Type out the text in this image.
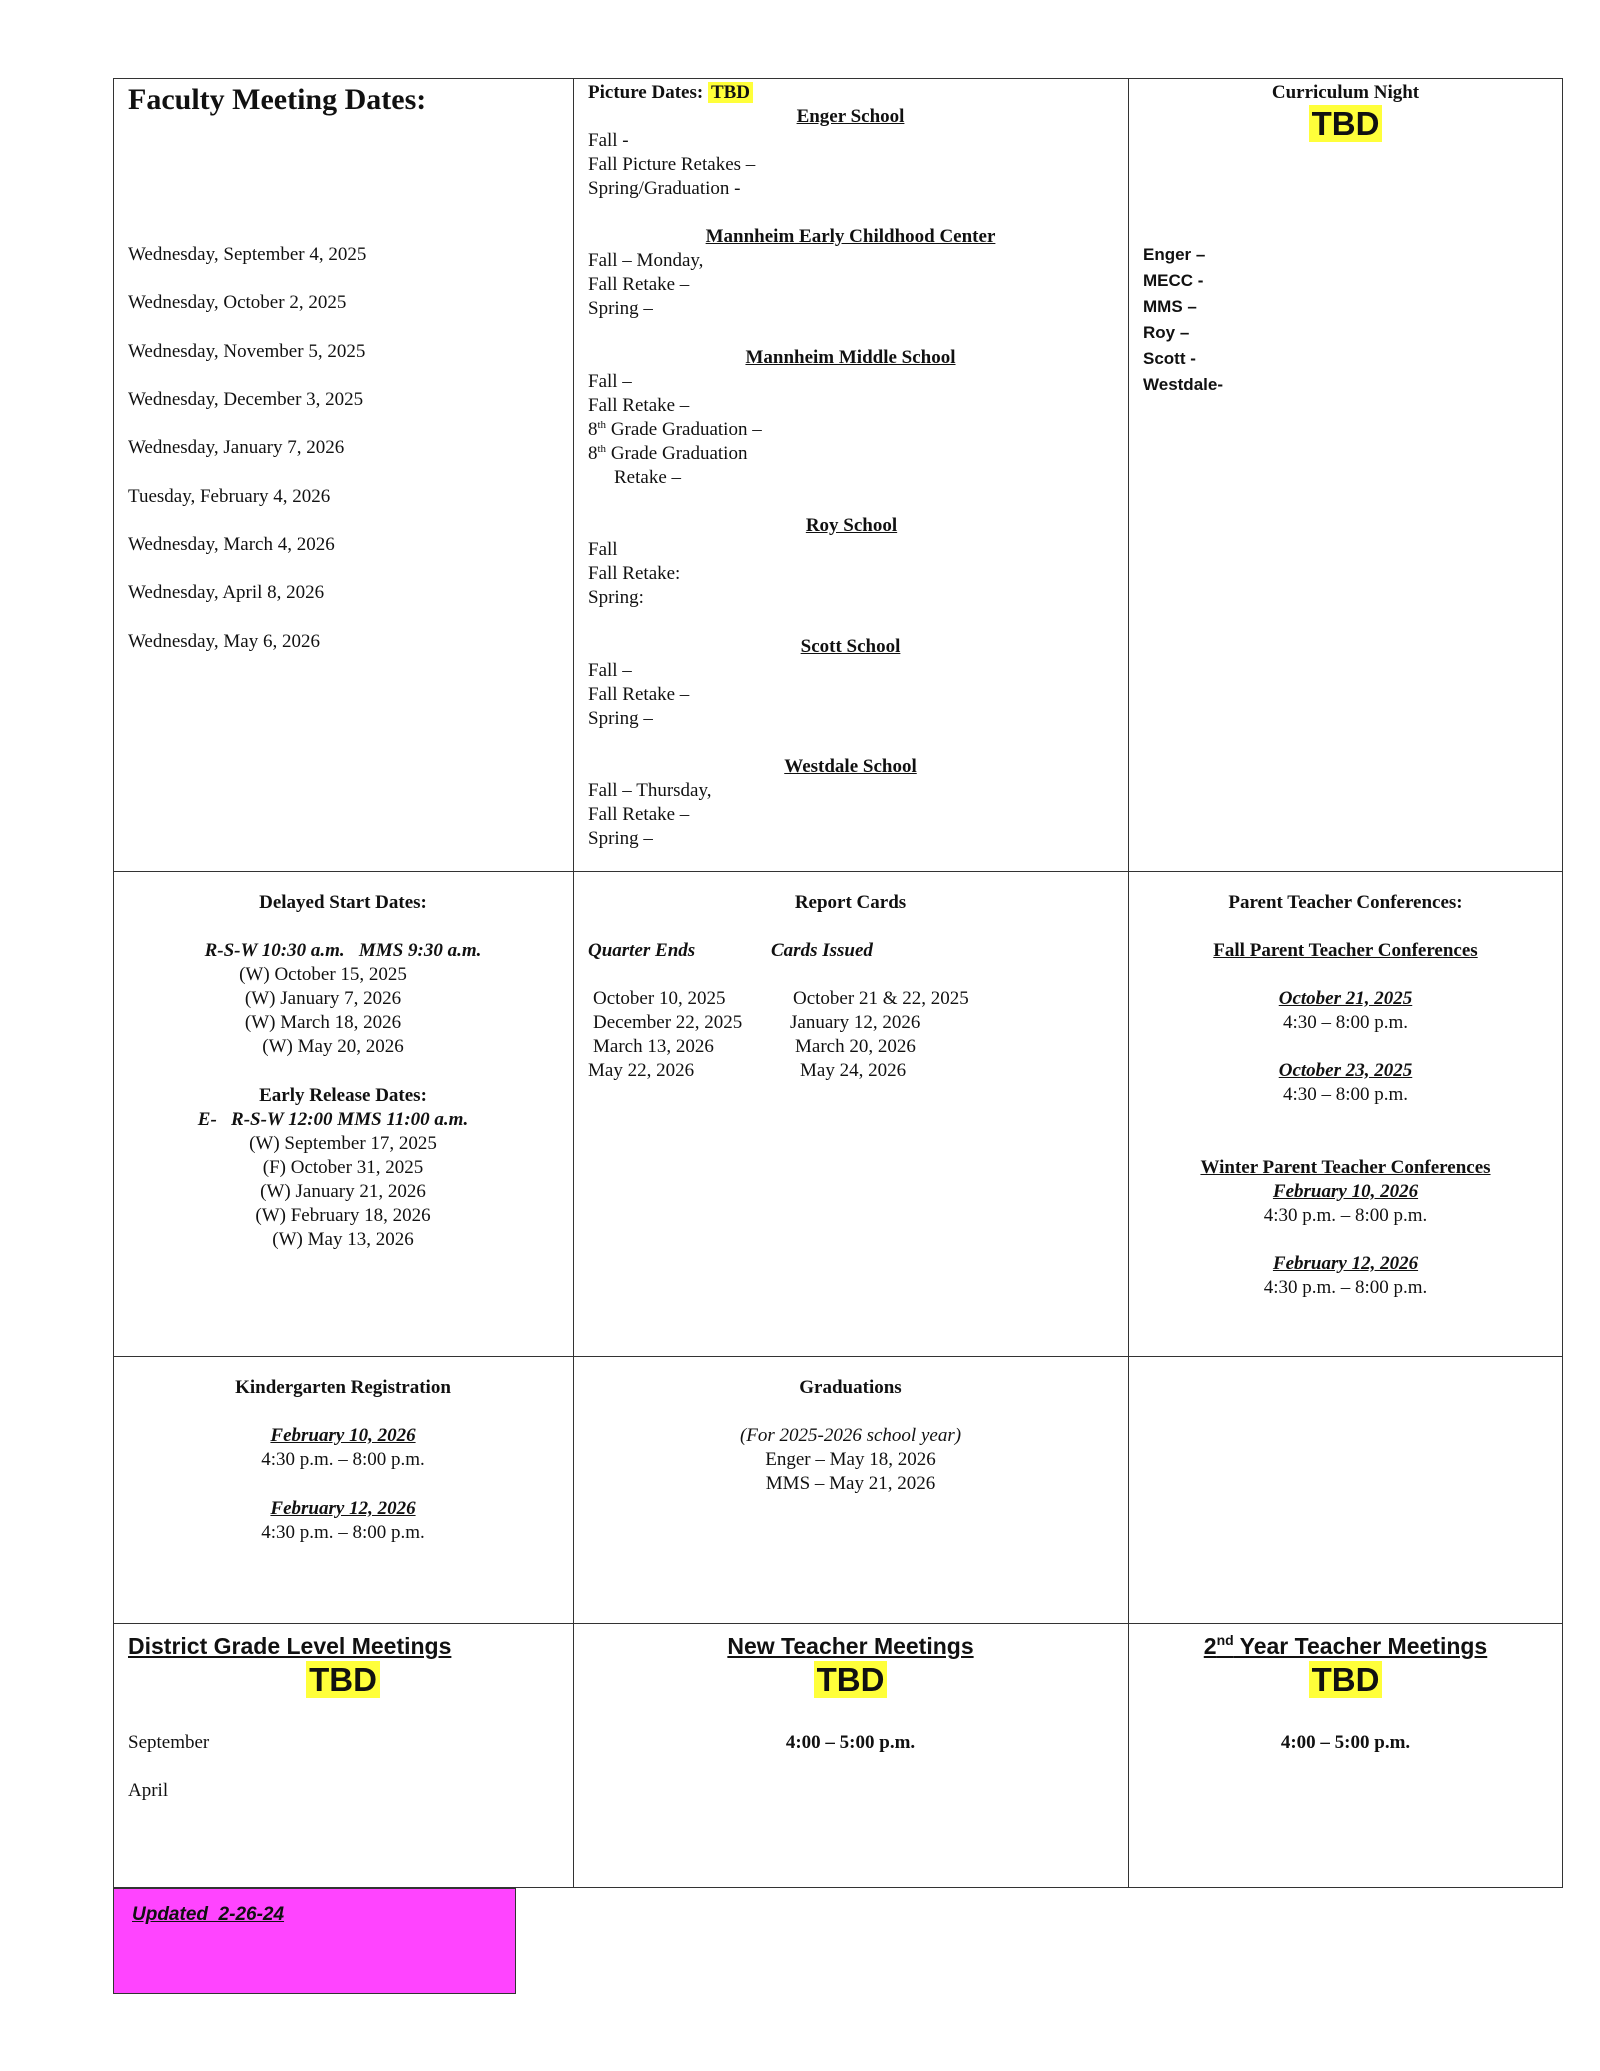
Faculty Meeting Dates:
Wednesday, September 4, 2025
Wednesday, October 2, 2025
Wednesday, November 5, 2025
Wednesday, December 3, 2025
Wednesday, January 7, 2026
Tuesday, February 4, 2026
Wednesday, March 4, 2026
Wednesday, April 8, 2026
Wednesday, May 6, 2026
Picture Dates: TBD
Enger School
Fall -
Fall Picture Retakes –
Spring/Graduation -
Mannheim Early Childhood Center
Fall – Monday,
Fall Retake –
Spring –
Mannheim Middle School
Fall –
Fall Retake –
8th Grade Graduation –
8th Grade Graduation
Retake –
Roy School
Fall
Fall Retake:
Spring:
Scott School
Fall –
Fall Retake –
Spring –
Westdale School
Fall – Thursday,
Fall Retake –
Spring –
Curriculum Night
TBD
Enger –
MECC -
MMS –
Roy –
Scott -
Westdale-
Delayed Start Dates:
R-S-W 10:30 a.m.   MMS 9:30 a.m.
(W) October 15, 2025
(W) January 7, 2026
(W) March 18, 2026
(W) May 20, 2026
Early Release Dates:
E-   R-S-W 12:00 MMS 11:00 a.m.
(W) September 17, 2025
(F) October 31, 2025
(W) January 21, 2026
(W) February 18, 2026
(W) May 13, 2026
Report Cards
Quarter Ends	Cards Issued
October 10, 2025	October 21 & 22, 2025
December 22, 2025	January 12, 2026
March 13, 2026	March 20, 2026
May 22, 2026	May 24, 2026
Parent Teacher Conferences:
Fall Parent Teacher Conferences
October 21, 2025
4:30 – 8:00 p.m.
October 23, 2025
4:30 – 8:00 p.m.
Winter Parent Teacher Conferences
February 10, 2026
4:30 p.m. – 8:00 p.m.
February 12, 2026
4:30 p.m. – 8:00 p.m.
Kindergarten Registration
February 10, 2026
4:30 p.m. – 8:00 p.m.
February 12, 2026
4:30 p.m. – 8:00 p.m.
Graduations
(For 2025-2026 school year)
Enger – May 18, 2026
MMS – May 21, 2026
District Grade Level Meetings
TBD
September
April
New Teacher Meetings
TBD
4:00 – 5:00 p.m.
2nd Year Teacher Meetings
TBD
4:00 – 5:00 p.m.
Updated  2-26-24
